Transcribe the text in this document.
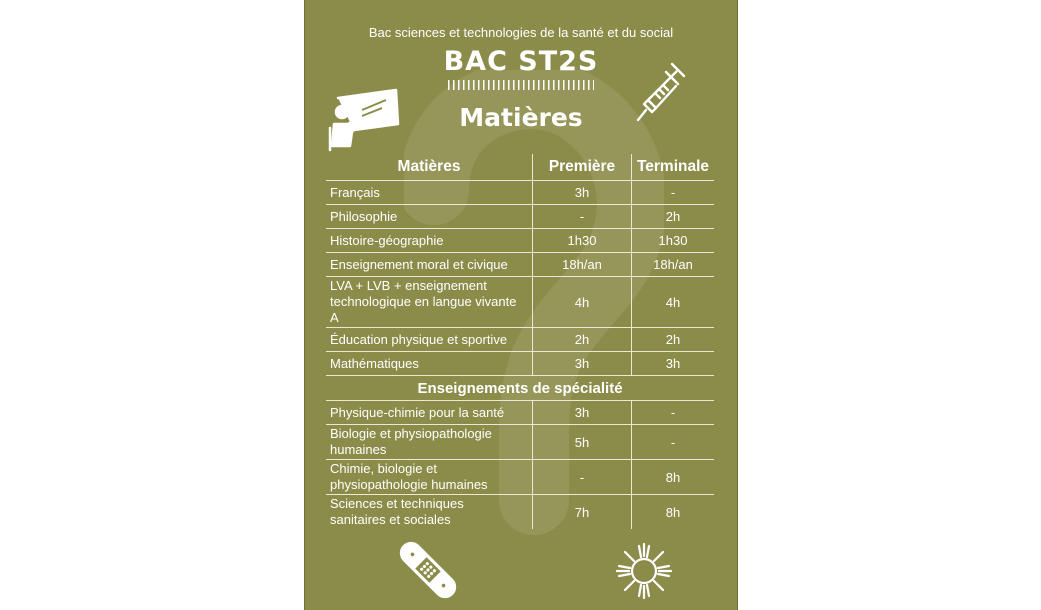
Bac sciences et technologies de la santé et du social
BAC ST2S
Matières
Matières	Première	Terminale
Français	3h	-
Philosophie	-	2h
Histoire-géographie	1h30	1h30
Enseignement moral et civique	18h/an	18h/an
LVA + LVB + enseignement technologique en langue vivante A	4h	4h
Éducation physique et sportive	2h	2h
Mathématiques	3h	3h
Enseignements de spécialité		
Physique-chimie pour la santé	3h	-
Biologie et physiopathologie humaines	5h	-
Chimie, biologie et physiopathologie humaines	-	8h
Sciences et techniques sanitaires et sociales	7h	8h
